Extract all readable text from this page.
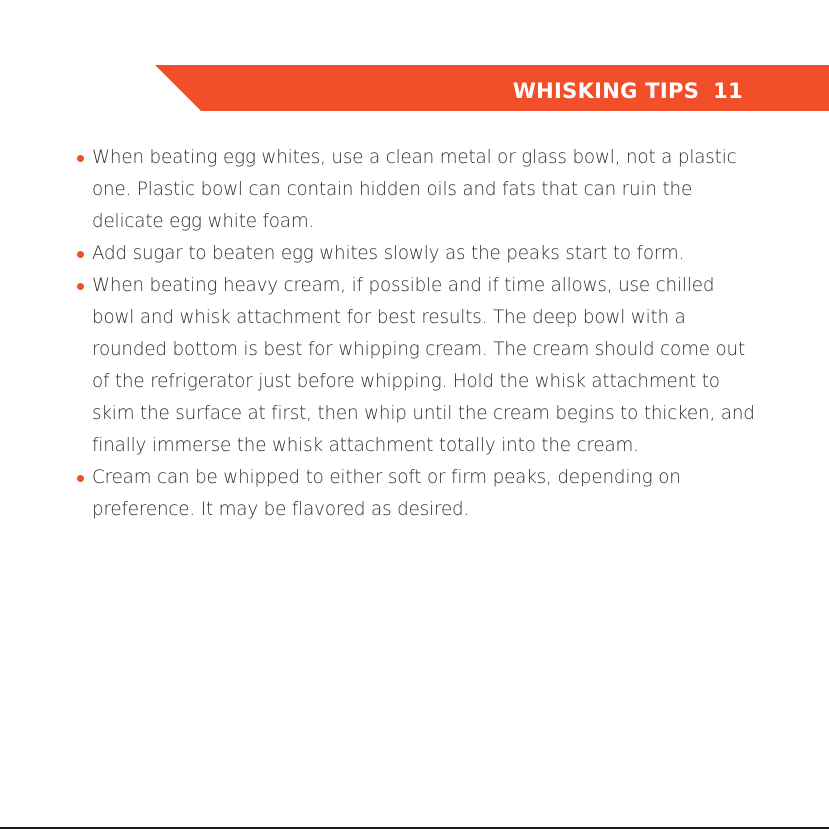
WHISKING TIPS 11
When beating egg whites, use a clean metal or glass bowl, not a plastic one. Plastic bowl can contain hidden oils and fats that can ruin the delicate egg white foam.
Add sugar to beaten egg whites slowly as the peaks start to form.
When beating heavy cream, if possible and if time allows, use chilled bowl and whisk attachment for best results. The deep bowl with a rounded bottom is best for whipping cream. The cream should come out of the refrigerator just before whipping. Hold the whisk attachment to skim the surface at first, then whip until the cream begins to thicken, and finally immerse the whisk attachment totally into the cream.
Cream can be whipped to either soft or firm peaks, depending on preference. It may be flavored as desired.
